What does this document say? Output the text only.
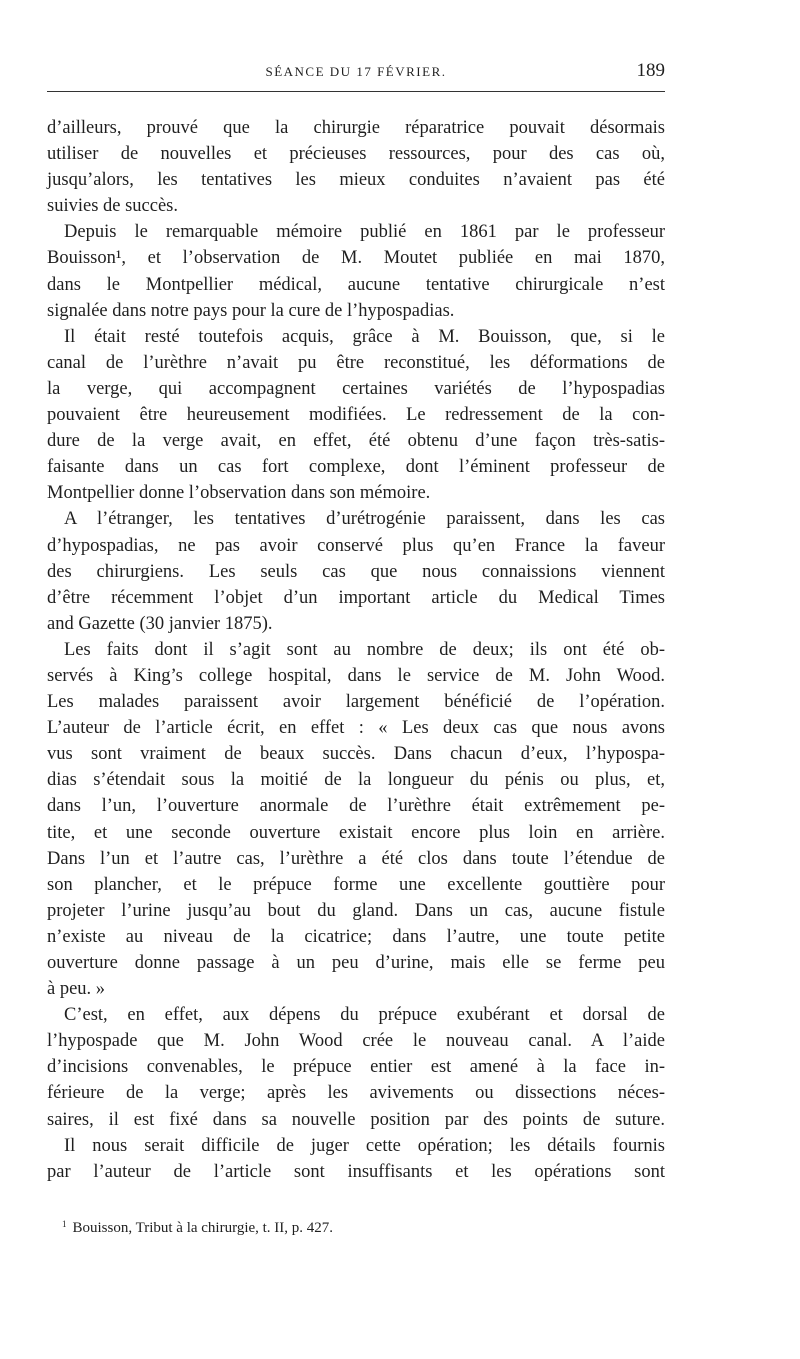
SÉANCE DU 17 FÉVRIER.	189
d’ailleurs, prouvé que la chirurgie réparatrice pouvait désormais
utiliser de nouvelles et précieuses ressources, pour des cas où,
jusqu’alors, les tentatives les mieux conduites n’avaient pas été
suivies de succès.
Depuis le remarquable mémoire publié en 1861 par le professeur
Bouisson¹, et l’observation de M. Moutet publiée en mai 1870,
dans le Montpellier médical, aucune tentative chirurgicale n’est
signalée dans notre pays pour la cure de l’hypospadias.
Il était resté toutefois acquis, grâce à M. Bouisson, que, si le
canal de l’urèthre n’avait pu être reconstitué, les déformations de
la verge, qui accompagnent certaines variétés de l’hypospadias
pouvaient être heureusement modifiées. Le redressement de la con-
dure de la verge avait, en effet, été obtenu d’une façon très-satis-
faisante dans un cas fort complexe, dont l’éminent professeur de
Montpellier donne l’observation dans son mémoire.
A l’étranger, les tentatives d’urétrogénie paraissent, dans les cas
d’hypospadias, ne pas avoir conservé plus qu’en France la faveur
des chirurgiens. Les seuls cas que nous connaissions viennent
d’être récemment l’objet d’un important article du Medical Times
and Gazette (30 janvier 1875).
Les faits dont il s’agit sont au nombre de deux; ils ont été ob-
servés à King’s college hospital, dans le service de M. John Wood.
Les malades paraissent avoir largement bénéficié de l’opération.
L’auteur de l’article écrit, en effet : « Les deux cas que nous avons
vus sont vraiment de beaux succès. Dans chacun d’eux, l’hypospa-
dias s’étendait sous la moitié de la longueur du pénis ou plus, et,
dans l’un, l’ouverture anormale de l’urèthre était extrêmement pe-
tite, et une seconde ouverture existait encore plus loin en arrière.
Dans l’un et l’autre cas, l’urèthre a été clos dans toute l’étendue de
son plancher, et le prépuce forme une excellente gouttière pour
projeter l’urine jusqu’au bout du gland. Dans un cas, aucune fistule
n’existe au niveau de la cicatrice; dans l’autre, une toute petite
ouverture donne passage à un peu d’urine, mais elle se ferme peu
à peu. »
C’est, en effet, aux dépens du prépuce exubérant et dorsal de
l’hypospade que M. John Wood crée le nouveau canal. A l’aide
d’incisions convenables, le prépuce entier est amené à la face in-
férieure de la verge; après les avivements ou dissections néces-
saires, il est fixé dans sa nouvelle position par des points de suture.
Il nous serait difficile de juger cette opération; les détails fournis
par l’auteur de l’article sont insuffisants et les opérations sont
$^1$ Bouisson, Tribut à la chirurgie, t. II, p. 427.
